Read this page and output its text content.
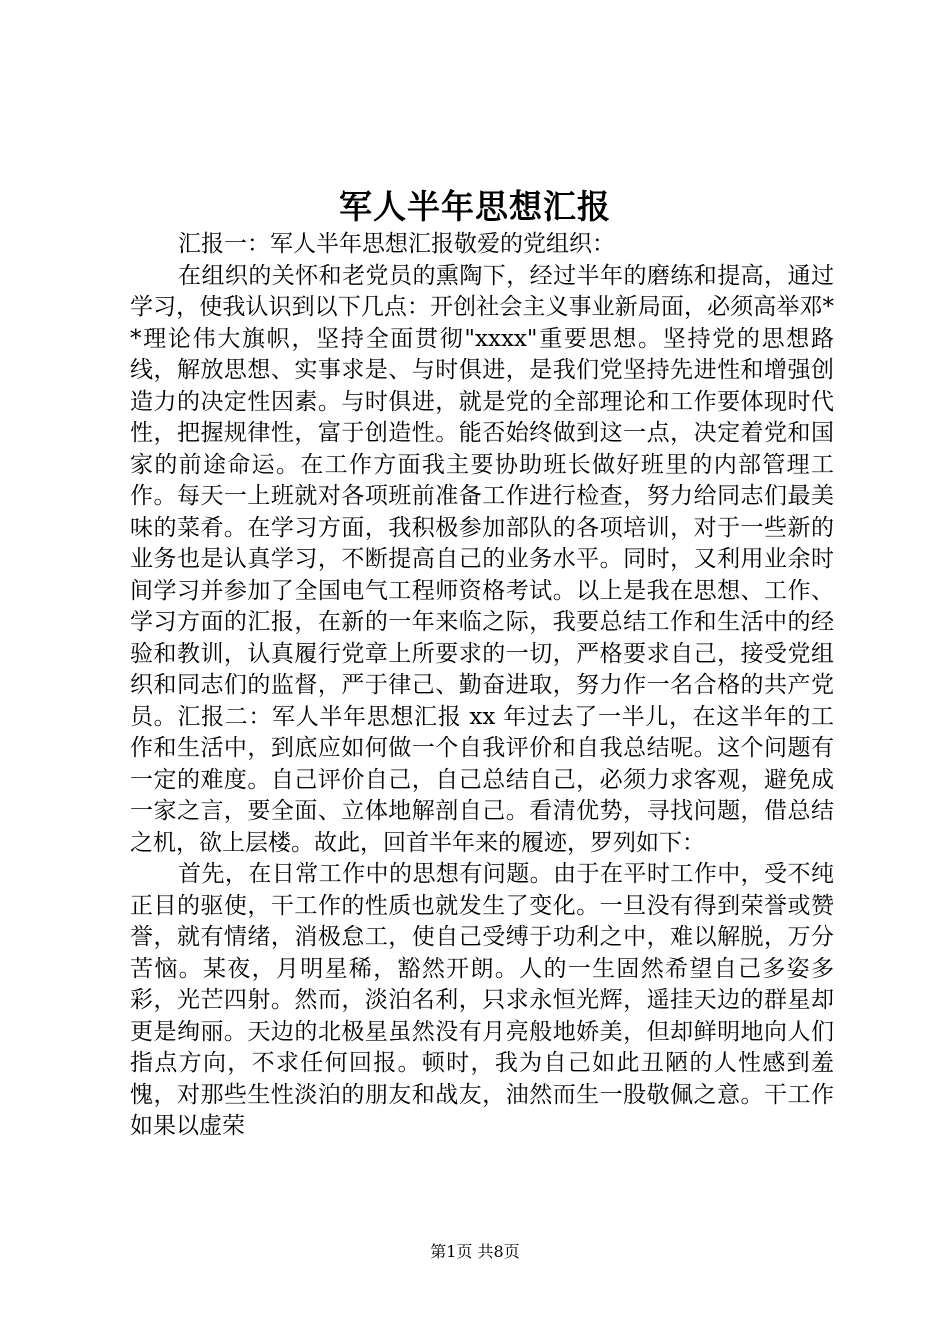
军人半年思想汇报

汇报一：军人半年思想汇报敬爱的党组织：

在组织的关怀和老党员的熏陶下，经过半年的磨练和提高，通过学习，使我认识到以下几点：开创社会主义事业新局面，必须高举邓**理论伟大旗帜，坚持全面贯彻"xxxx"重要思想。坚持党的思想路线，解放思想、实事求是、与时俱进，是我们党坚持先进性和增强创造力的决定性因素。与时俱进，就是党的全部理论和工作要体现时代性，把握规律性，富于创造性。能否始终做到这一点，决定着党和国家的前途命运。在工作方面我主要协助班长做好班里的内部管理工作。每天一上班就对各项班前准备工作进行检查，努力给同志们最美味的菜肴。在学习方面，我积极参加部队的各项培训，对于一些新的业务也是认真学习，不断提高自己的业务水平。同时，又利用业余时间学习并参加了全国电气工程师资格考试。以上是我在思想、工作、学习方面的汇报，在新的一年来临之际，我要总结工作和生活中的经验和教训，认真履行党章上所要求的一切，严格要求自己，接受党组织和同志们的监督，严于律己、勤奋进取，努力作一名合格的共产党员。汇报二：军人半年思想汇报 xx 年过去了一半儿，在这半年的工作和生活中，到底应如何做一个自我评价和自我总结呢。这个问题有一定的难度。自己评价自己，自己总结自己，必须力求客观，避免成一家之言，要全面、立体地解剖自己。看清优势，寻找问题，借总结之机，欲上层楼。故此，回首半年来的履迹，罗列如下：

首先，在日常工作中的思想有问题。由于在平时工作中，受不纯正目的驱使，干工作的性质也就发生了变化。一旦没有得到荣誉或赞誉，就有情绪，消极怠工，使自己受缚于功利之中，难以解脱，万分苦恼。某夜，月明星稀，豁然开朗。人的一生固然希望自己多姿多彩，光芒四射。然而，淡泊名利，只求永恒光辉，遥挂天边的群星却更是绚丽。天边的北极星虽然没有月亮般地娇美，但却鲜明地向人们指点方向，不求任何回报。顿时，我为自己如此丑陋的人性感到羞愧，对那些生性淡泊的朋友和战友，油然而生一股敬佩之意。干工作如果以虚荣

第1页 共8页
